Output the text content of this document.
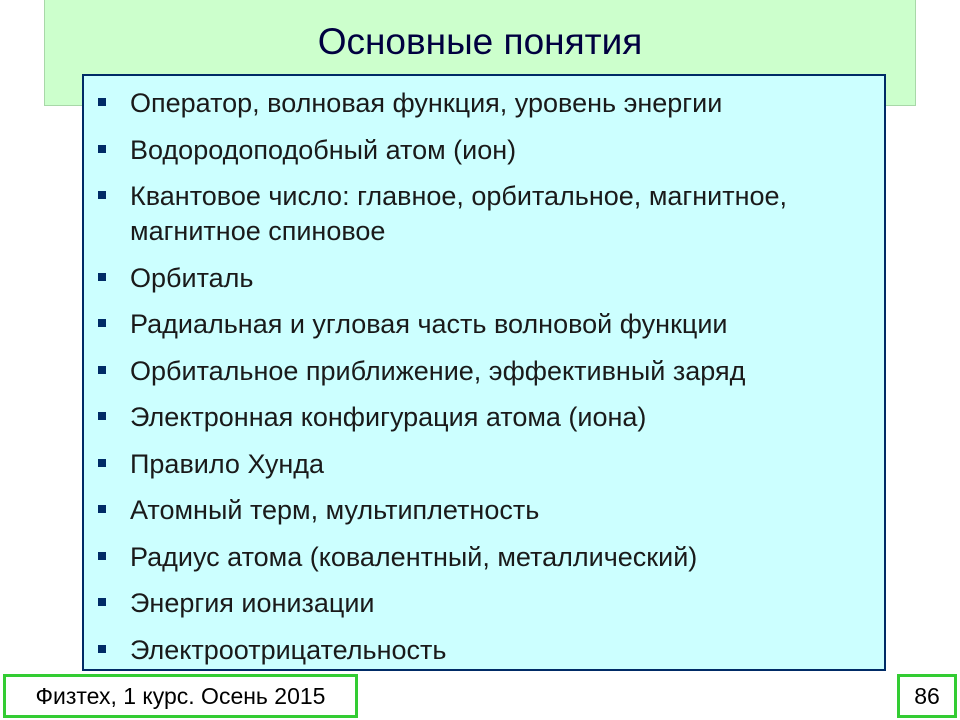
Основные понятия
Оператор, волновая функция, уровень энергии
Водородоподобный атом (ион)
Квантовое число: главное, орбитальное, магнитное, магнитное спиновое
Орбиталь
Радиальная и угловая часть волновой функции
Орбитальное приближение, эффективный заряд
Электронная конфигурация атома (иона)
Правило Хунда
Атомный терм, мультиплетность
Радиус атома (ковалентный, металлический)
Энергия ионизации
Электроотрицательность
Физтех, 1 курс. Осень 2015	86
